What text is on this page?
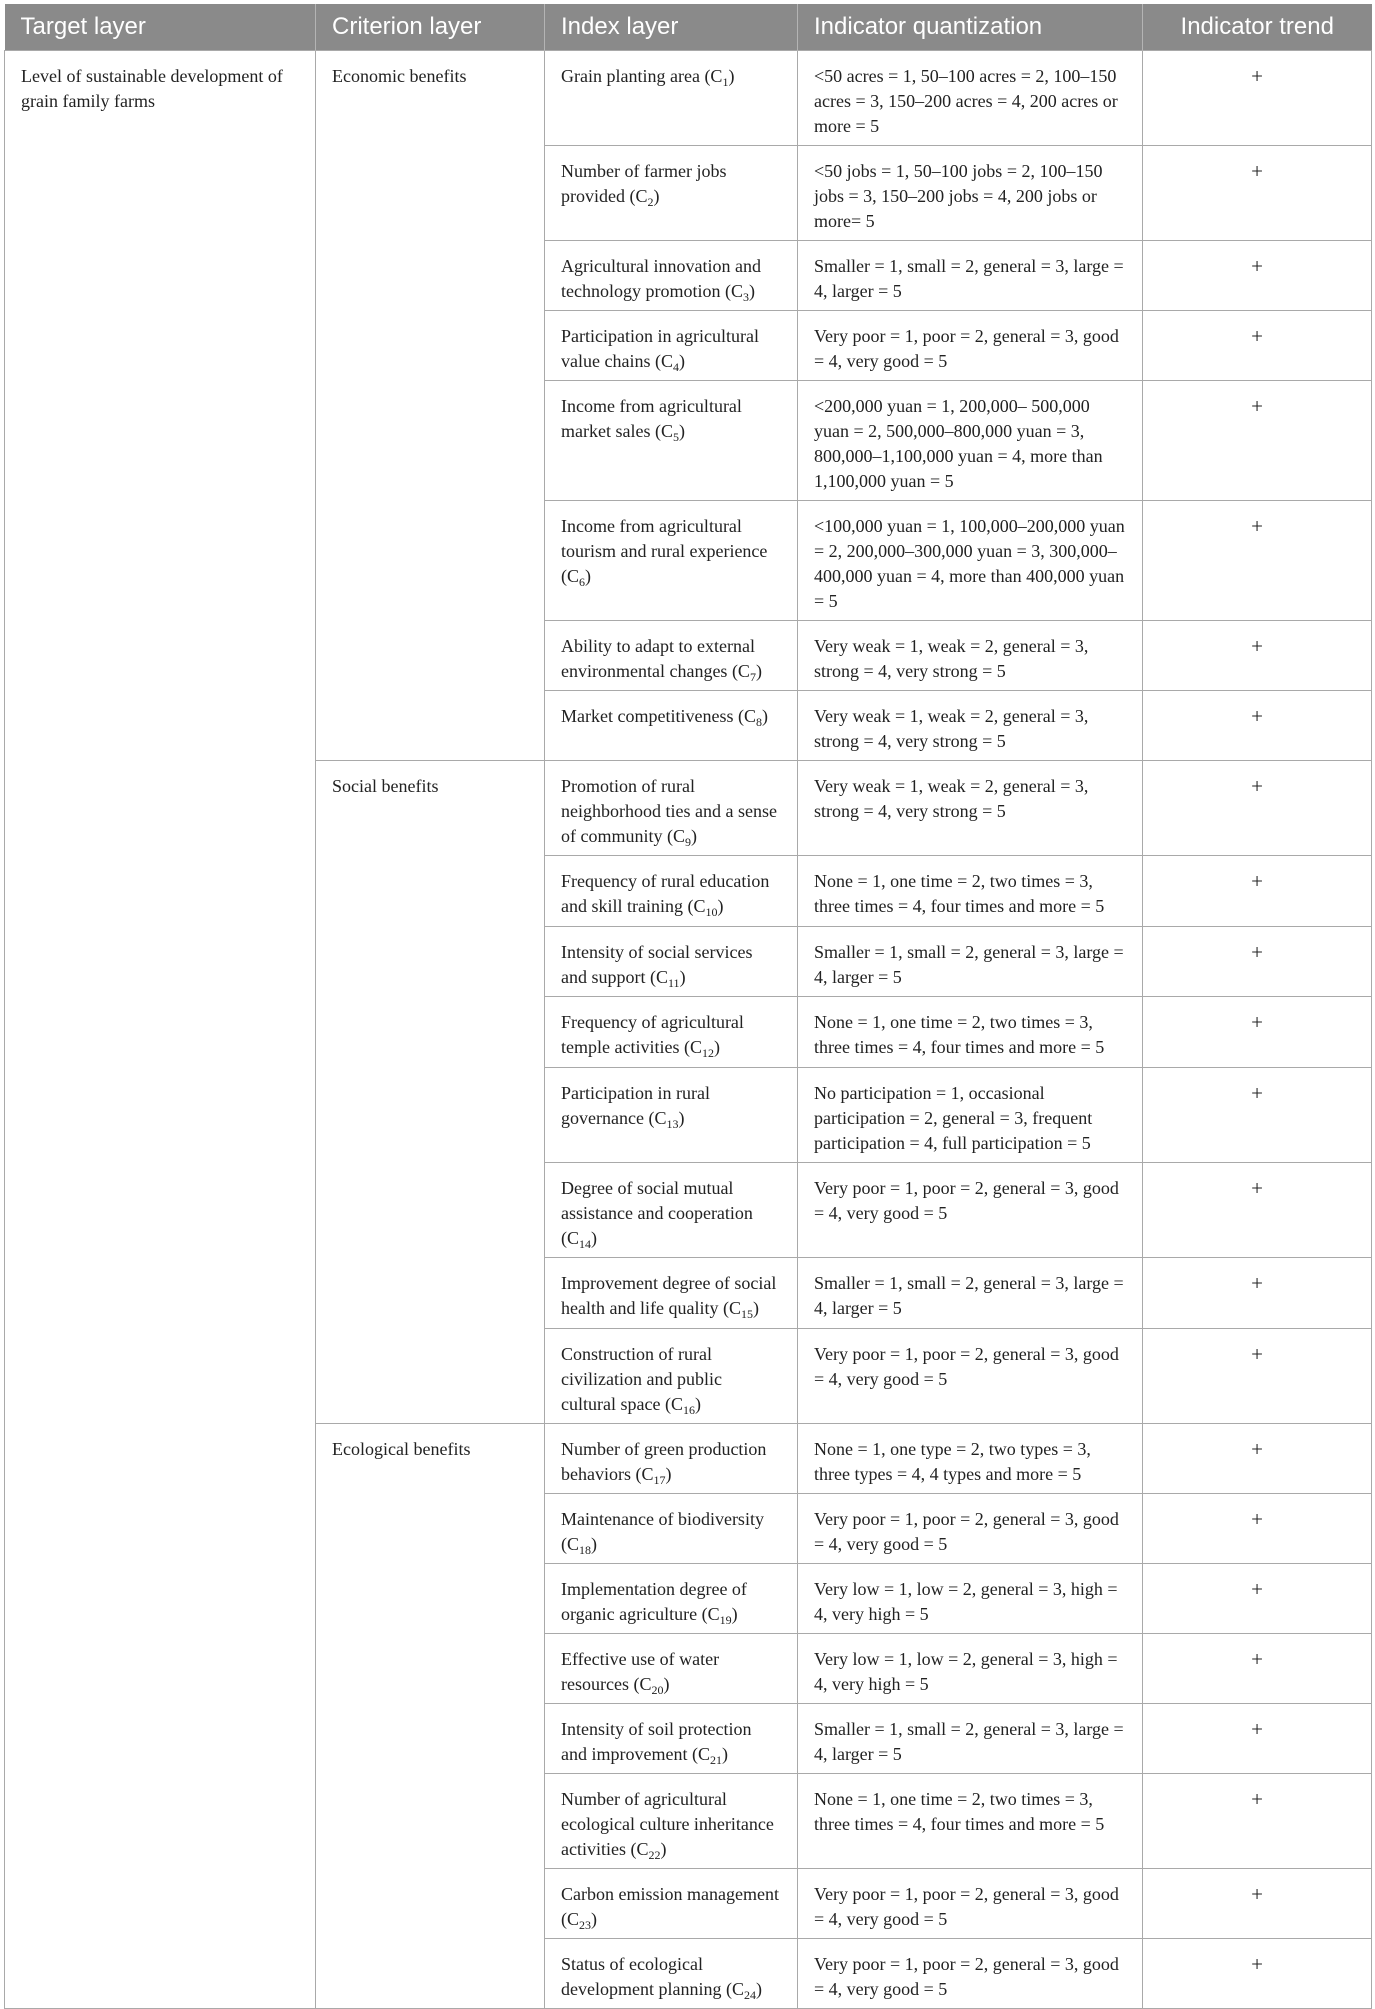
Target layer	Criterion layer	Index layer	Indicator quantization	Indicator trend
Level of sustainable development of grain family farms	Economic benefits	Grain planting area $(C_1)$	<50 acres = 1, 50–100 acres = 2, 100–150 acres = 3, 150–200 acres = 4, 200 acres or more = 5	+
		Number of farmer jobs provided $(C_2)$	<50 jobs = 1, 50–100 jobs = 2, 100–150 jobs = 3, 150–200 jobs = 4, 200 jobs or more= 5	+
		Agricultural innovation and technology promotion $(C_3)$	Smaller = 1, small = 2, general = 3, large = 4, larger = 5	+
		Participation in agricultural value chains $(C_4)$	Very poor = 1, poor = 2, general = 3, good = 4, very good = 5	+
		Income from agricultural market sales $(C_5)$	<200,000 yuan = 1, 200,000– 500,000 yuan = 2, 500,000–800,000 yuan = 3, 800,000–1,100,000 yuan = 4, more than 1,100,000 yuan = 5	+
		Income from agricultural tourism and rural experience $(C_6)$	<100,000 yuan = 1, 100,000–200,000 yuan = 2, 200,000–300,000 yuan = 3, 300,000–400,000 yuan = 4, more than 400,000 yuan = 5	+
		Ability to adapt to external environmental changes $(C_7)$	Very weak = 1, weak = 2, general = 3, strong = 4, very strong = 5	+
		Market competitiveness $(C_8)$	Very weak = 1, weak = 2, general = 3, strong = 4, very strong = 5	+
	Social benefits	Promotion of rural neighborhood ties and a sense of community $(C_9)$	Very weak = 1, weak = 2, general = 3, strong = 4, very strong = 5	+
		Frequency of rural education and skill training $(C_{10})$	None = 1, one time = 2, two times = 3, three times = 4, four times and more = 5	+
		Intensity of social services and support $(C_{11})$	Smaller = 1, small = 2, general = 3, large = 4, larger = 5	+
		Frequency of agricultural temple activities $(C_{12})$	None = 1, one time = 2, two times = 3, three times = 4, four times and more = 5	+
		Participation in rural governance $(C_{13})$	No participation = 1, occasional participation = 2, general = 3, frequent participation = 4, full participation = 5	+
		Degree of social mutual assistance and cooperation $(C_{14})$	Very poor = 1, poor = 2, general = 3, good = 4, very good = 5	+
		Improvement degree of social health and life quality $(C_{15})$	Smaller = 1, small = 2, general = 3, large = 4, larger = 5	+
		Construction of rural civilization and public cultural space $(C_{16})$	Very poor = 1, poor = 2, general = 3, good = 4, very good = 5	+
	Ecological benefits	Number of green production behaviors $(C_{17})$	None = 1, one type = 2, two types = 3, three types = 4, 4 types and more = 5	+
		Maintenance of biodiversity $(C_{18})$	Very poor = 1, poor = 2, general = 3, good = 4, very good = 5	+
		Implementation degree of organic agriculture $(C_{19})$	Very low = 1, low = 2, general = 3, high = 4, very high = 5	+
		Effective use of water resources $(C_{20})$	Very low = 1, low = 2, general = 3, high = 4, very high = 5	+
		Intensity of soil protection and improvement $(C_{21})$	Smaller = 1, small = 2, general = 3, large = 4, larger = 5	+
		Number of agricultural ecological culture inheritance activities $(C_{22})$	None = 1, one time = 2, two times = 3, three times = 4, four times and more = 5	+
		Carbon emission management $(C_{23})$	Very poor = 1, poor = 2, general = 3, good = 4, very good = 5	+
		Status of ecological development planning $(C_{24})$	Very poor = 1, poor = 2, general = 3, good = 4, very good = 5	+
